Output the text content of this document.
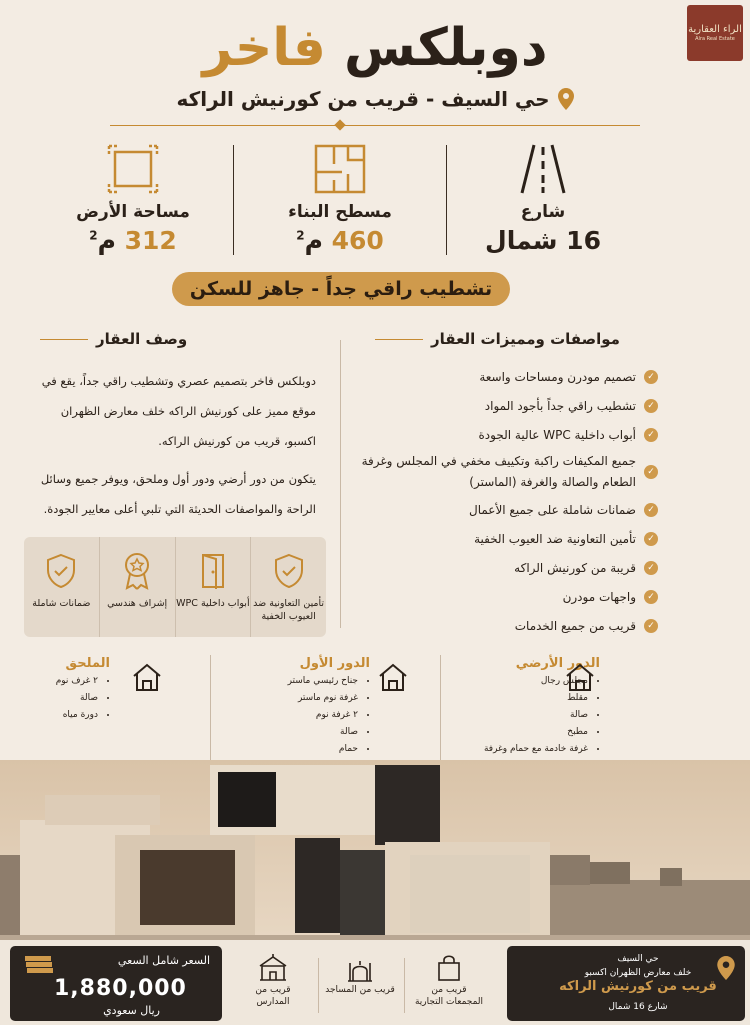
الراء العقارية
Alra Real Estate
دوبلكس فاخر
حي السيف - قريب من كورنيش الراكه
شارع
16 شمال
مسطح البناء
460 م$^2$
مساحة الأرض
312 م$^2$
تشطيب راقي جداً - جاهز للسكن
مواصفات ومميزات العقار
وصف العقار
✓
تصميم مودرن ومساحات واسعة
✓
تشطيب راقي جداً بأجود المواد
✓
أبواب داخلية WPC عالية الجودة
✓
جميع المكيفات راكبة وتكييف مخفي في المجلس وغرفة الطعام والصالة والغرفة (الماستر)
✓
ضمانات شاملة على جميع الأعمال
✓
تأمين التعاونية ضد العيوب الخفية
✓
قريبة من كورنيش الراكه
✓
واجهات مودرن
✓
قريب من جميع الخدمات

دوبلكس فاخر بتصميم عصري وتشطيب راقي جداً، يقع في موقع مميز على كورنيش الراكه خلف معارض الظهران اكسبو، قريب من كورنيش الراكه.

يتكون من دور أرضي ودور أول وملحق، ويوفر جميع وسائل الراحة والمواصفات الحديثة التي تلبي أعلى معايير الجودة.

تأمين التعاونية ضد العيوب الخفية
أبواب داخلية WPC
إشراف هندسي
ضمانات شاملة
الدور الأرضي
• مجلس رجال
• مقلط
• صالة
• مطبخ
• غرفة خادمة مع حمام وغرفة
•
الدور الأول
• جناح رئيسي ماستر
• غرفة نوم ماستر
• ٢ غرفة نوم
• صالة
• حمام
الملحق
• ٢ غرف نوم
• صالة
• دورة مياه
السعر شامل السعي
1,880,000
ريال سعودي
قريب من المدارس
قريب من المساجد	قريب من المجمعات التجارية
حي السيف
خلف معارض الظهران اكسبو
قريب من كورنيش الراكه
شارع 16 شمال
